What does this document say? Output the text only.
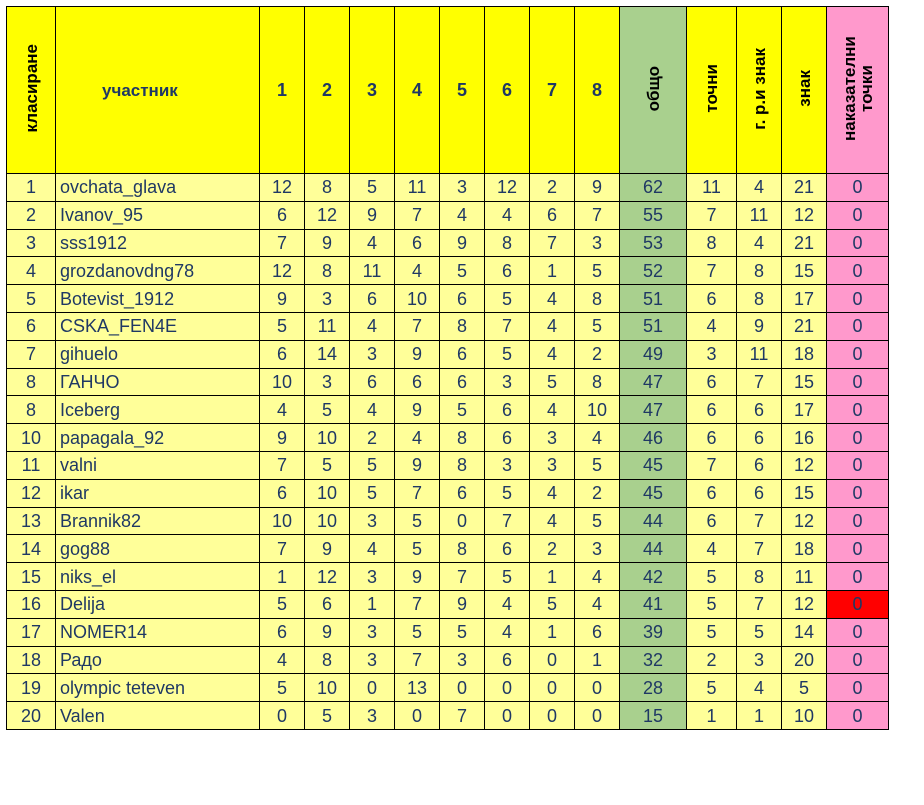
класиране	участник	1	2	3	4	5	6	7	8	общо	точни	г. р.и знак	знак	наказателни точки
1	ovchata_glava	12	8	5	11	3	12	2	9	62	11	4	21	0
2	Ivanov_95	6	12	9	7	4	4	6	7	55	7	11	12	0
3	sss1912	7	9	4	6	9	8	7	3	53	8	4	21	0
4	grozdanovdng78	12	8	11	4	5	6	1	5	52	7	8	15	0
5	Botevist_1912	9	3	6	10	6	5	4	8	51	6	8	17	0
6	CSKA_FEN4E	5	11	4	7	8	7	4	5	51	4	9	21	0
7	gihuelo	6	14	3	9	6	5	4	2	49	3	11	18	0
8	ГАНЧО	10	3	6	6	6	3	5	8	47	6	7	15	0
8	Iceberg	4	5	4	9	5	6	4	10	47	6	6	17	0
10	papagala_92	9	10	2	4	8	6	3	4	46	6	6	16	0
11	valni	7	5	5	9	8	3	3	5	45	7	6	12	0
12	ikar	6	10	5	7	6	5	4	2	45	6	6	15	0
13	Brannik82	10	10	3	5	0	7	4	5	44	6	7	12	0
14	gog88	7	9	4	5	8	6	2	3	44	4	7	18	0
15	niks_el	1	12	3	9	7	5	1	4	42	5	8	11	0
16	Delija	5	6	1	7	9	4	5	4	41	5	7	12	0
17	NOMER14	6	9	3	5	5	4	1	6	39	5	5	14	0
18	Радо	4	8	3	7	3	6	0	1	32	2	3	20	0
19	olympic teteven	5	10	0	13	0	0	0	0	28	5	4	5	0
20	Valen	0	5	3	0	7	0	0	0	15	1	1	10	0
